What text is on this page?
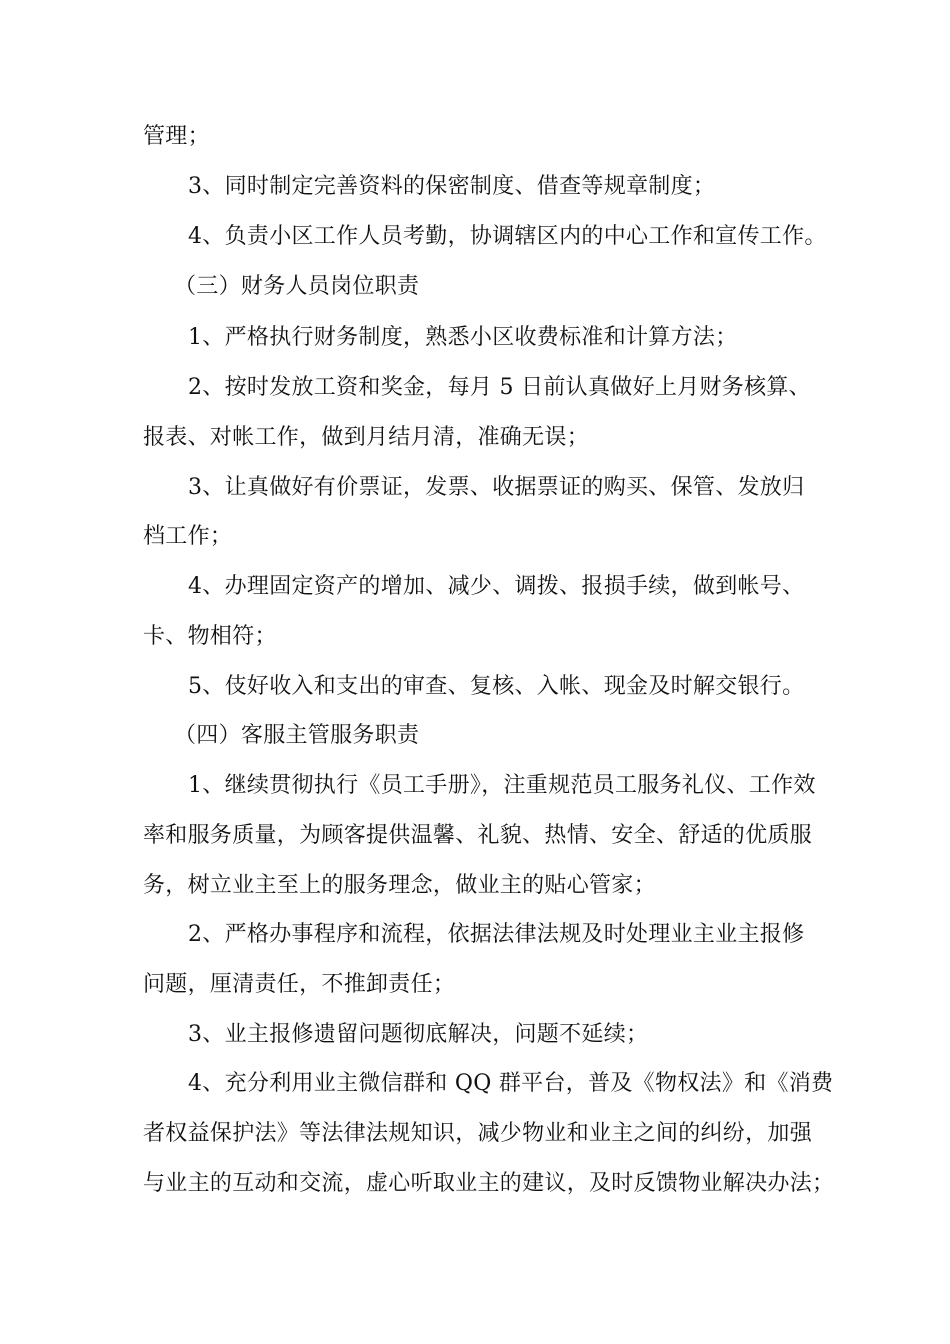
管理；
3、同时制定完善资料的保密制度、借查等规章制度；
4、负责小区工作人员考勤，协调辖区内的中心工作和宣传工作。
（三）财务人员岗位职责
1、严格执行财务制度，熟悉小区收费标准和计算方法；
2、按时发放工资和奖金，每月 5 日前认真做好上月财务核算、
报表、对帐工作，做到月结月清，准确无误；
3、让真做好有价票证，发票、收据票证的购买、保管、发放归
档工作；
4、办理固定资产的增加、减少、调拨、报损手续，做到帐号、
卡、物相符；
5、伎好收入和支出的审查、复核、入帐、现金及时解交银行。
（四）客服主管服务职责
1、继续贯彻执行《员工手册》，注重规范员工服务礼仪、工作效
率和服务质量，为顾客提供温馨、礼貌、热情、安全、舒适的优质服
务，树立业主至上的服务理念，做业主的贴心管家；
2、严格办事程序和流程，依据法律法规及时处理业主业主报修
问题，厘清责任，不推卸责任；
3、业主报修遗留问题彻底解决，问题不延续；
4、充分利用业主微信群和 QQ 群平台，普及《物权法》和《消费
者权益保护法》等法律法规知识，减少物业和业主之间的纠纷，加强
与业主的互动和交流，虚心听取业主的建议，及时反馈物业解决办法；
